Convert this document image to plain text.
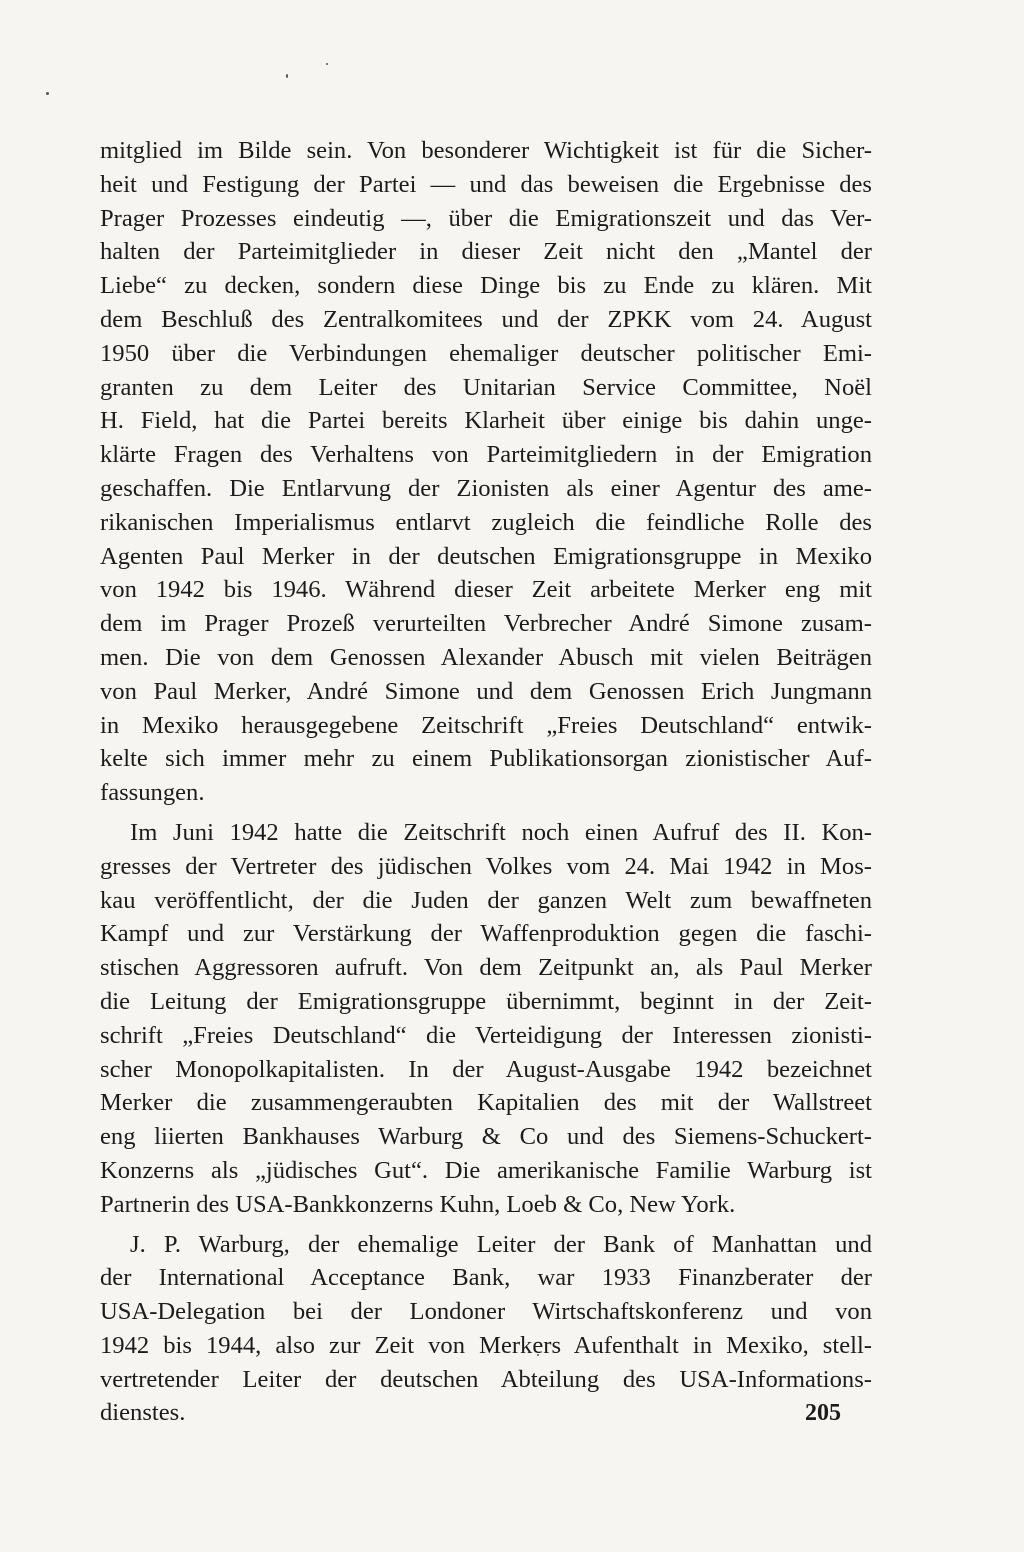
mitglied im Bilde sein. Von besonderer Wichtigkeit ist für die Sicher-
heit und Festigung der Partei — und das beweisen die Ergebnisse des
Prager Prozesses eindeutig —, über die Emigrationszeit und das Ver-
halten der Parteimitglieder in dieser Zeit nicht den „Mantel der
Liebe“ zu decken, sondern diese Dinge bis zu Ende zu klären. Mit
dem Beschluß des Zentralkomitees und der ZPKK vom 24. August
1950 über die Verbindungen ehemaliger deutscher politischer Emi-
granten zu dem Leiter des Unitarian Service Committee, Noël
H. Field, hat die Partei bereits Klarheit über einige bis dahin unge-
klärte Fragen des Verhaltens von Parteimitgliedern in der Emigration
geschaffen. Die Entlarvung der Zionisten als einer Agentur des ame-
rikanischen Imperialismus entlarvt zugleich die feindliche Rolle des
Agenten Paul Merker in der deutschen Emigrationsgruppe in Mexiko
von 1942 bis 1946. Während dieser Zeit arbeitete Merker eng mit
dem im Prager Prozeß verurteilten Verbrecher André Simone zusam-
men. Die von dem Genossen Alexander Abusch mit vielen Beiträgen
von Paul Merker, André Simone und dem Genossen Erich Jungmann
in Mexiko herausgegebene Zeitschrift „Freies Deutschland“ entwik-
kelte sich immer mehr zu einem Publikationsorgan zionistischer Auf-
fassungen.
Im Juni 1942 hatte die Zeitschrift noch einen Aufruf des II. Kon-
gresses der Vertreter des jüdischen Volkes vom 24. Mai 1942 in Mos-
kau veröffentlicht, der die Juden der ganzen Welt zum bewaffneten
Kampf und zur Verstärkung der Waffenproduktion gegen die faschi-
stischen Aggressoren aufruft. Von dem Zeitpunkt an, als Paul Merker
die Leitung der Emigrationsgruppe übernimmt, beginnt in der Zeit-
schrift „Freies Deutschland“ die Verteidigung der Interessen zionisti-
scher Monopolkapitalisten. In der August-Ausgabe 1942 bezeichnet
Merker die zusammengeraubten Kapitalien des mit der Wallstreet
eng liierten Bankhauses Warburg & Co und des Siemens-Schuckert-
Konzerns als „jüdisches Gut“. Die amerikanische Familie Warburg ist
Partnerin des USA-Bankkonzerns Kuhn, Loeb & Co, New York.
J. P. Warburg, der ehemalige Leiter der Bank of Manhattan und
der International Acceptance Bank, war 1933 Finanzberater der
USA-Delegation bei der Londoner Wirtschaftskonferenz und von
1942 bis 1944, also zur Zeit von Merkers Aufenthalt in Mexiko, stell-
vertretender Leiter der deutschen Abteilung des USA-Informations-
dienstes.	205
